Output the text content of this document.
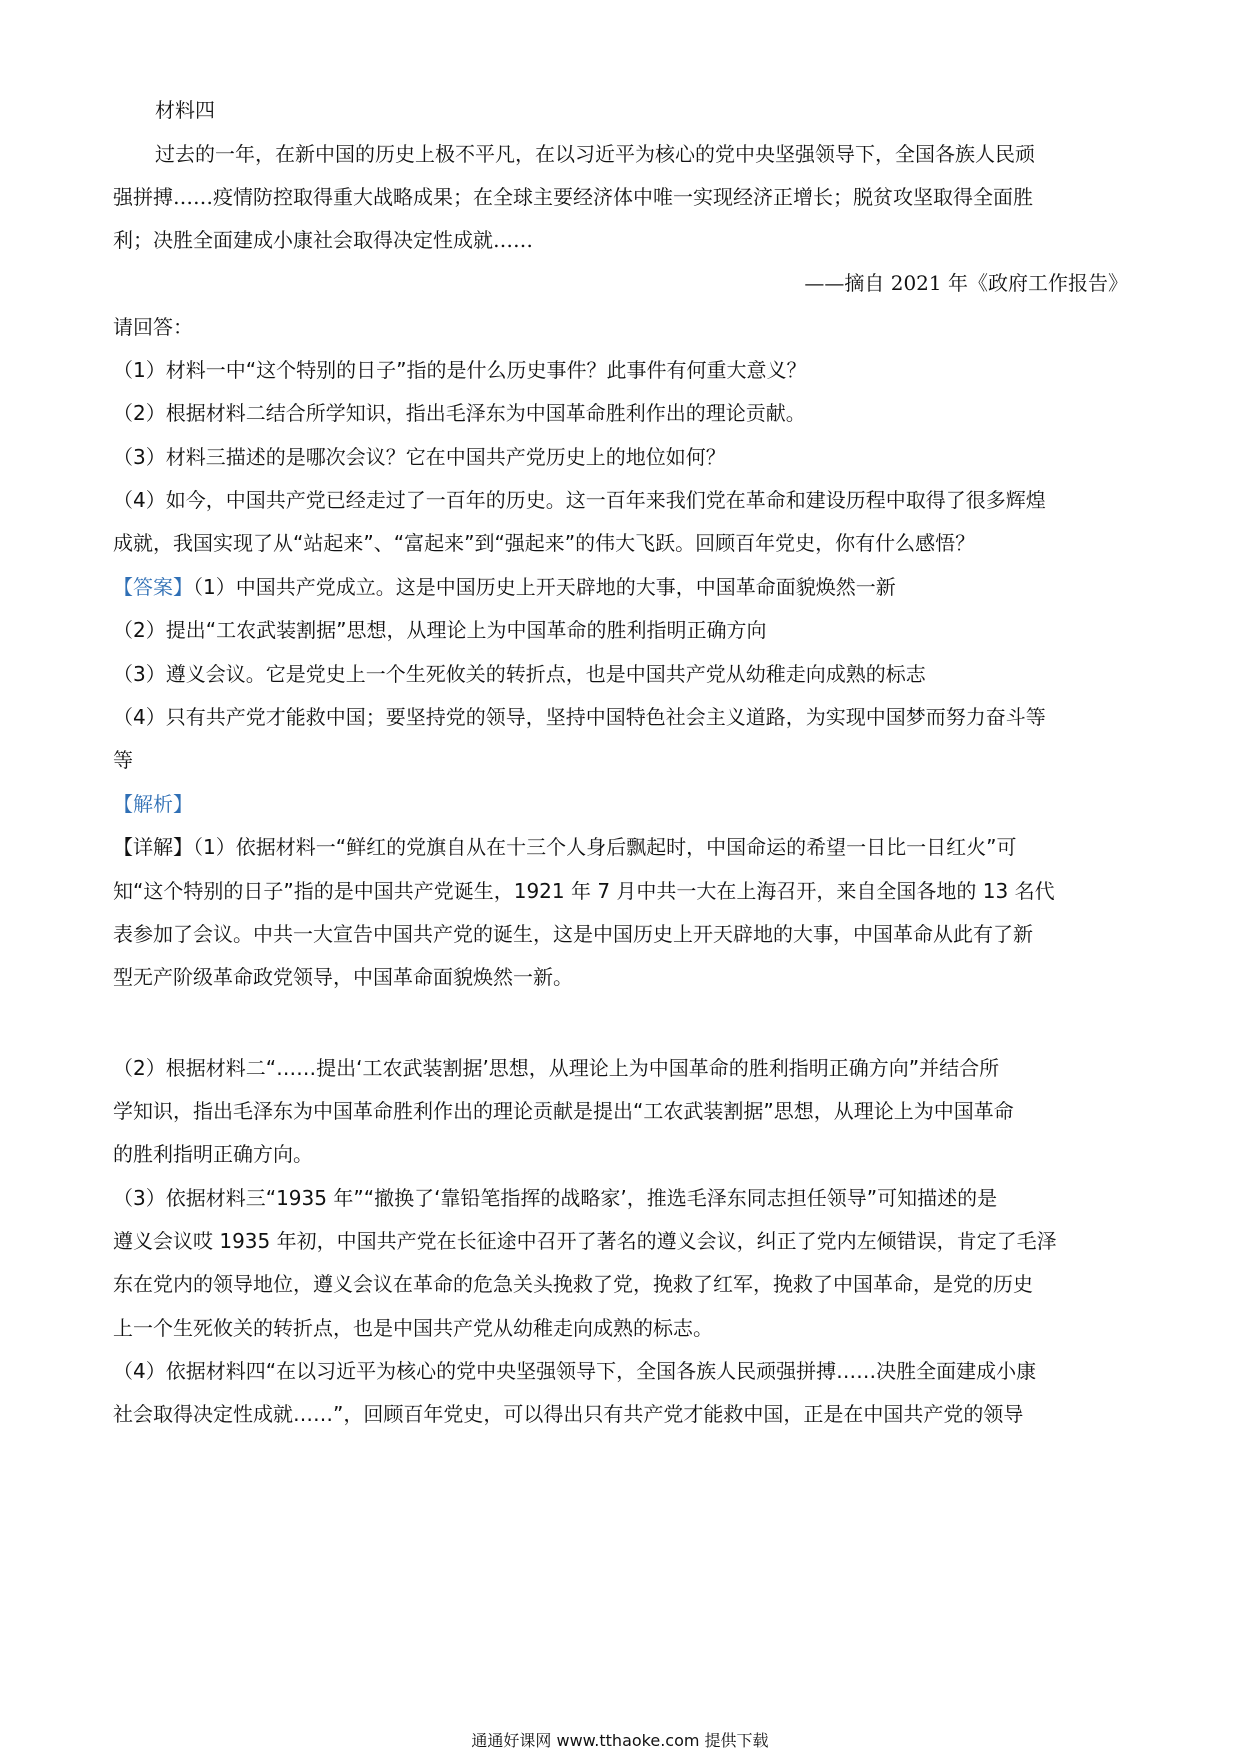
材料四
过去的一年，在新中国的历史上极不平凡，在以习近平为核心的党中央坚强领导下，全国各族人民顽
强拼搏……疫情防控取得重大战略成果；在全球主要经济体中唯一实现经济正增长；脱贫攻坚取得全面胜
利；决胜全面建成小康社会取得决定性成就……
——摘自 2021 年《政府工作报告》
请回答：
（1）材料一中“这个特别的日子”指的是什么历史事件？此事件有何重大意义？
（2）根据材料二结合所学知识，指出毛泽东为中国革命胜利作出的理论贡献。
（3）材料三描述的是哪次会议？它在中国共产党历史上的地位如何？
（4）如今，中国共产党已经走过了一百年的历史。这一百年来我们党在革命和建设历程中取得了很多辉煌
成就，我国实现了从“站起来”、“富起来”到“强起来”的伟大飞跃。回顾百年党史，你有什么感悟？
【答案】（1）中国共产党成立。这是中国历史上开天辟地的大事，中国革命面貌焕然一新
（2）提出“工农武装割据”思想，从理论上为中国革命的胜利指明正确方向
（3）遵义会议。它是党史上一个生死攸关的转折点，也是中国共产党从幼稚走向成熟的标志
（4）只有共产党才能救中国；要坚持党的领导，坚持中国特色社会主义道路，为实现中国梦而努力奋斗等
等
【解析】
【详解】（1）依据材料一“鲜红的党旗自从在十三个人身后飘起时，中国命运的希望一日比一日红火”可
知“这个特别的日子”指的是中国共产党诞生，1921 年 7 月中共一大在上海召开，来自全国各地的 13 名代
表参加了会议。中共一大宣告中国共产党的诞生，这是中国历史上开天辟地的大事，中国革命从此有了新
型无产阶级革命政党领导，中国革命面貌焕然一新。
（2）根据材料二“……提出‘工农武装割据’思想，从理论上为中国革命的胜利指明正确方向”并结合所
学知识，指出毛泽东为中国革命胜利作出的理论贡献是提出“工农武装割据”思想，从理论上为中国革命
的胜利指明正确方向。
（3）依据材料三“1935 年”“撤换了‘靠铅笔指挥的战略家’，推选毛泽东同志担任领导”可知描述的是
遵义会议哎 1935 年初，中国共产党在长征途中召开了著名的遵义会议，纠正了党内左倾错误，肯定了毛泽
东在党内的领导地位，遵义会议在革命的危急关头挽救了党，挽救了红军，挽救了中国革命，是党的历史
上一个生死攸关的转折点，也是中国共产党从幼稚走向成熟的标志。
（4）依据材料四“在以习近平为核心的党中央坚强领导下，全国各族人民顽强拼搏……决胜全面建成小康
社会取得决定性成就……”，回顾百年党史，可以得出只有共产党才能救中国，正是在中国共产党的领导
通通好课网 www.tthaoke.com 提供下载
